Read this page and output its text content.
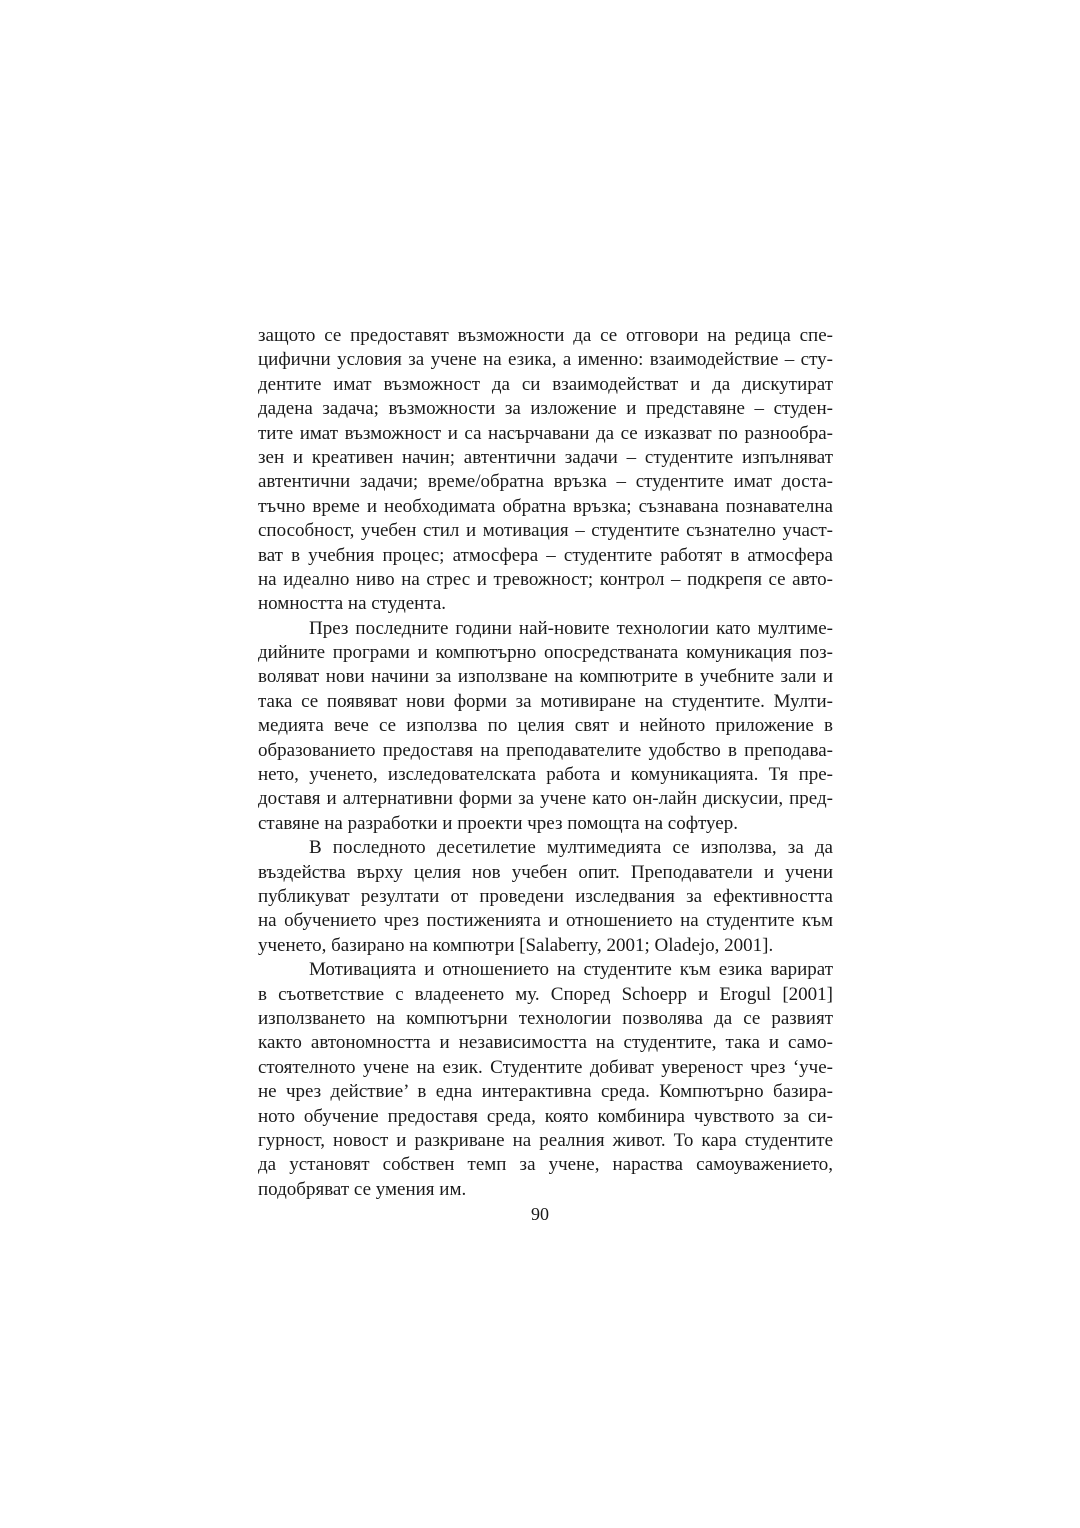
защото се предоставят възможности да се отговори на редица спе-
цифични условия за учене на езика, а именно: взаимодействие – сту-
дентите имат възможност да си взаимодействат и да дискутират
дадена задача; възможности за изложение и представяне – студен-
тите имат възможност и са насърчавани да се изказват по разнообра-
зен и креативен начин; автентични задачи – студентите изпълняват
автентични задачи; време/обратна връзка – студентите имат доста-
тъчно време и необходимата обратна връзка; съзнавана познавателна
способност, учебен стил и мотивация – студентите съзнателно участ-
ват в учебния процес; атмосфера – студентите работят в атмосфера
на идеално ниво на стрес и тревожност; контрол – подкрепя се авто-
номността на студента.
През последните години най-новите технологии като мултиме-
дийните програми и компютърно опосредстваната комуникация поз-
воляват нови начини за използване на компютрите в учебните зали и
така се появяват нови форми за мотивиране на студентите. Мулти-
медията вече се използва по целия свят и нейното приложение в
образованието предоставя на преподавателите удобство в преподава-
нето, ученето, изследователската работа и комуникацията. Тя пре-
доставя и алтернативни форми за учене като он-лайн дискусии, пред-
ставяне на разработки и проекти чрез помощта на софтуер.
В последното десетилетие мултимедията се използва, за да
въздейства върху целия нов учебен опит. Преподаватели и учени
публикуват резултати от проведени изследвания за ефективността
на обучението чрез постиженията и отношението на студентите към
ученето, базирано на компютри [Salaberry, 2001; Oladejo, 2001].
Мотивацията и отношението на студентите към езика варират
в съответствие с владеенето му. Според Schoepp и Erogul [2001]
използването на компютърни технологии позволява да се развият
както автономността и независимостта на студентите, така и само-
стоятелното учене на език. Студентите добиват увереност чрез ‘уче-
не чрез действие’ в една интерактивна среда. Компютърно базира-
ното обучение предоставя среда, която комбинира чувството за си-
гурност, новост и разкриване на реалния живот. То кара студентите
да установят собствен темп за учене, нараства самоуважението,
подобряват се умения им.
90
